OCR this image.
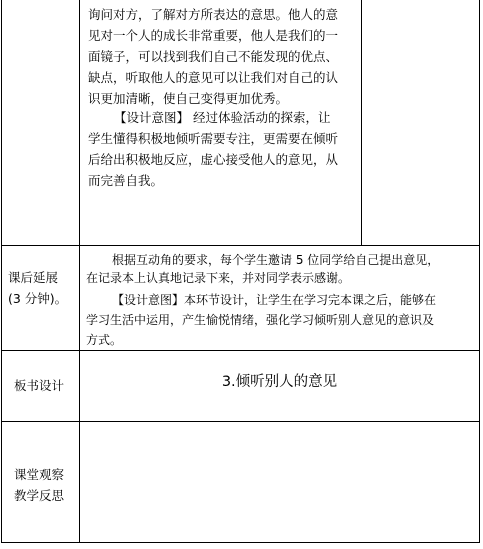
询问对方，了解对方所表达的意思。他人的意
见对一个人的成长非常重要，他人是我们的一
面镜子，可以找到我们自己不能发现的优点、
缺点，听取他人的意见可以让我们对自己的认
识更加清晰，使自己变得更加优秀。
【设计意图】 经过体验活动的探索，让
学生懂得积极地倾听需要专注，更需要在倾听
后给出积极地反应，虚心接受他人的意见，从
而完善自我。
课后延展
(3 分钟)。
根据互动角的要求，每个学生邀请 5 位同学给自己提出意见，
在记录本上认真地记录下来，并对同学表示感谢。
【设计意图】本环节设计，让学生在学习完本课之后，能够在
学习生活中运用，产生愉悦情绪，强化学习倾听别人意见的意识及
方式。
板书设计	3.倾听别人的意见
课堂观察
教学反思
